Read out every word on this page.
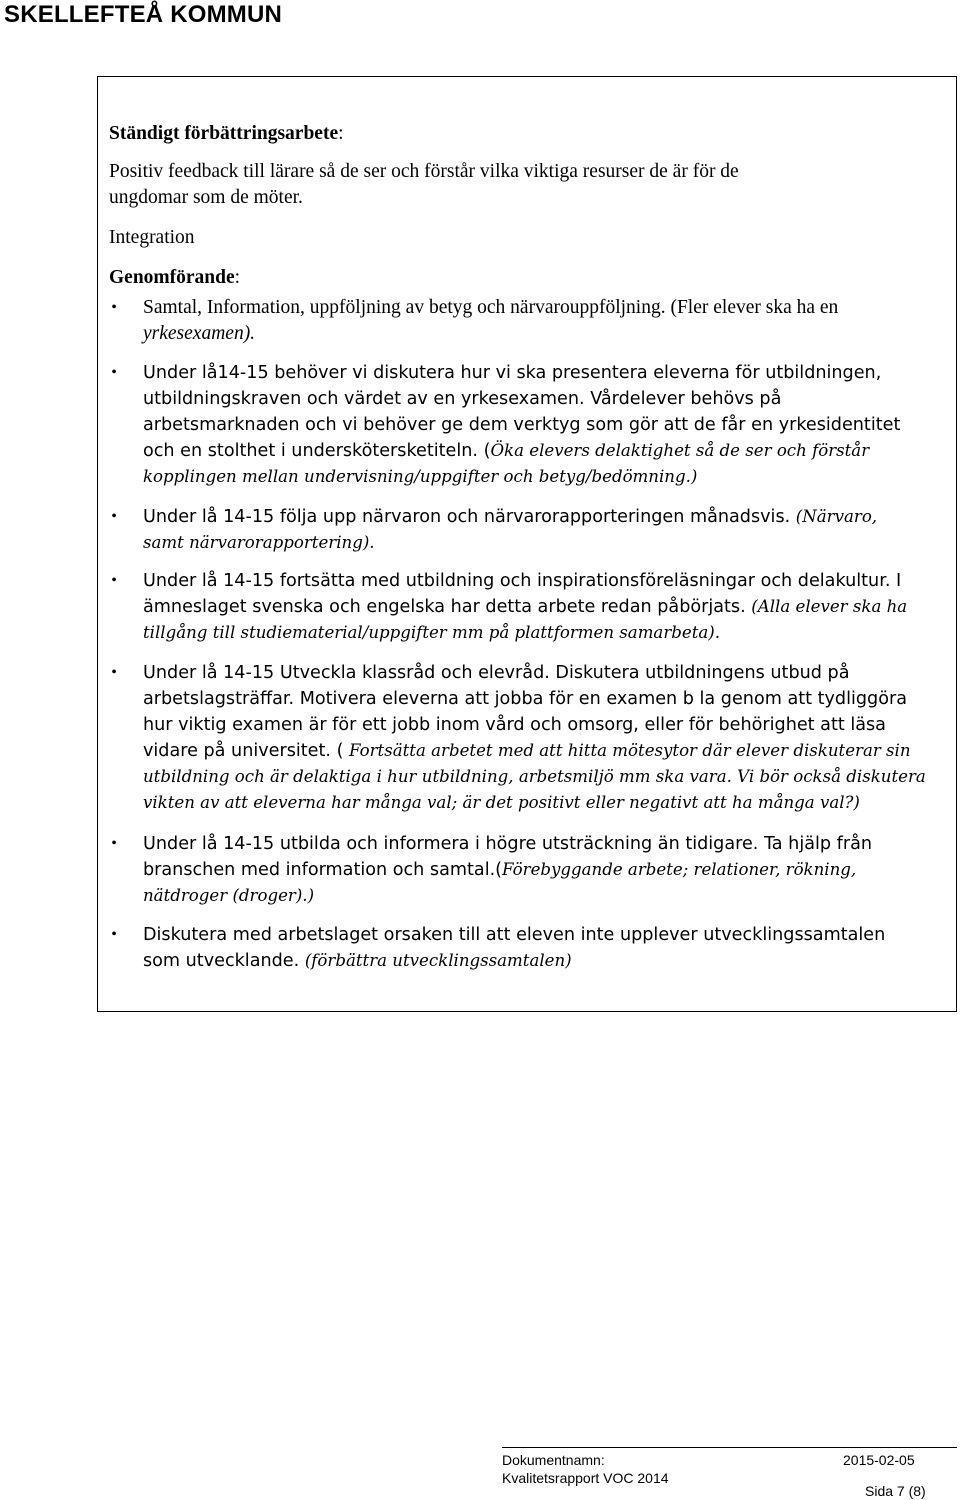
SKELLEFTEÅ KOMMUN
Ständigt förbättringsarbete:
Positiv feedback till lärare så de ser och förstår vilka viktiga resurser de är för de
ungdomar som de möter.
Integration
Genomförande:
• Samtal, Information, uppföljning av betyg och närvarouppföljning. (Fler elever ska ha en
yrkesexamen).
• Under lå14-15 behöver vi diskutera hur vi ska presentera eleverna för utbildningen,
utbildningskraven och värdet av en yrkesexamen. Vårdelever behövs på
arbetsmarknaden och vi behöver ge dem verktyg som gör att de får en yrkesidentitet
och en stolthet i underskötersketiteln. (Öka elevers delaktighet så de ser och förstår
kopplingen mellan undervisning/uppgifter och betyg/bedömning.)
• Under lå 14-15 följa upp närvaron och närvarorapporteringen månadsvis. (Närvaro,
samt närvarorapportering).
• Under lå 14-15 fortsätta med utbildning och inspirationsföreläsningar och delakultur. I
ämneslaget svenska och engelska har detta arbete redan påbörjats. (Alla elever ska ha
tillgång till studiematerial/uppgifter mm på plattformen samarbeta).
• Under lå 14-15 Utveckla klassråd och elevråd. Diskutera utbildningens utbud på
arbetslagsträffar. Motivera eleverna att jobba för en examen b la genom att tydliggöra
hur viktig examen är för ett jobb inom vård och omsorg, eller för behörighet att läsa
vidare på universitet. ( Fortsätta arbetet med att hitta mötesytor där elever diskuterar sin
utbildning och är delaktiga i hur utbildning, arbetsmiljö mm ska vara. Vi bör också diskutera
vikten av att eleverna har många val; är det positivt eller negativt att ha många val?)
• Under lå 14-15 utbilda och informera i högre utsträckning än tidigare. Ta hjälp från
branschen med information och samtal.(Förebyggande arbete; relationer, rökning,
nätdroger (droger).)
• Diskutera med arbetslaget orsaken till att eleven inte upplever utvecklingssamtalen
som utvecklande. (förbättra utvecklingssamtalen)
Dokumentnamn:
Kvalitetsrapport VOC 2014
2015-02-05
Sida 7 (8)
